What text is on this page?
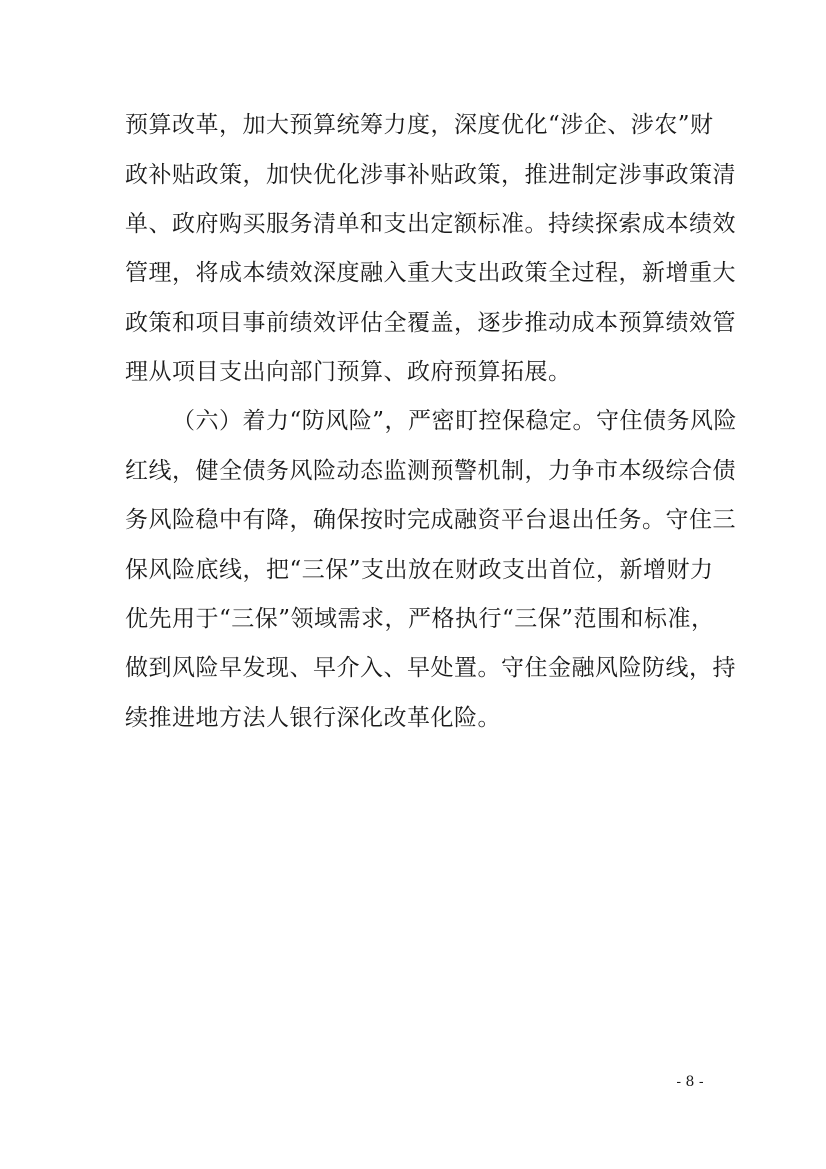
预算改革，加大预算统筹力度，深度优化“涉企、涉农”财
政补贴政策，加快优化涉事补贴政策，推进制定涉事政策清
单、政府购买服务清单和支出定额标准。持续探索成本绩效
管理，将成本绩效深度融入重大支出政策全过程，新增重大
政策和项目事前绩效评估全覆盖，逐步推动成本预算绩效管
理从项目支出向部门预算、政府预算拓展。
（六）着力“防风险”，严密盯控保稳定。守住债务风险
红线，健全债务风险动态监测预警机制，力争市本级综合债
务风险稳中有降，确保按时完成融资平台退出任务。守住三
保风险底线，把“三保”支出放在财政支出首位，新增财力
优先用于“三保”领域需求，严格执行“三保”范围和标准，
做到风险早发现、早介入、早处置。守住金融风险防线，持
续推进地方法人银行深化改革化险。
- 8 -
